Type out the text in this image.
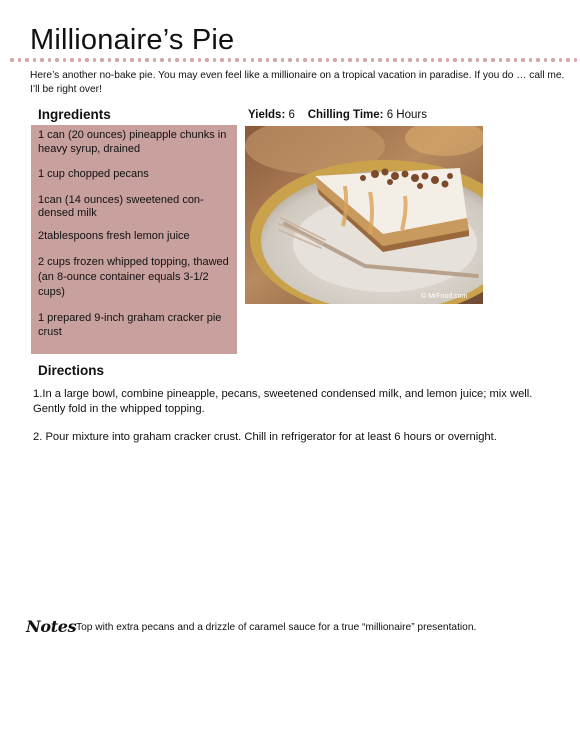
Millionaire’s Pie
Here’s another no-bake pie. You may even feel like a millionaire on a tropical vacation in paradise. If you do … call me. I’ll be right over!
Ingredients
1 can (20 ounces) pineapple chunks in heavy syrup, drained
1 cup chopped pecans
1can (14 ounces) sweetened con-densed milk
2tablespoons fresh lemon juice
2 cups frozen whipped topping, thawed (an 8-ounce container equals 3-1/2 cups)
1 prepared 9-inch graham cracker pie crust
Yields: 6 Chilling Time: 6 Hours
© MrFood.com
Directions
1.In a large bowl, combine pineapple, pecans, sweetened condensed milk, and lemon juice; mix well. Gently fold in the whipped topping.
2. Pour mixture into graham cracker crust. Chill in refrigerator for at least 6 hours or overnight.
Notes Top with extra pecans and a drizzle of caramel sauce for a true “millionaire” presentation.
